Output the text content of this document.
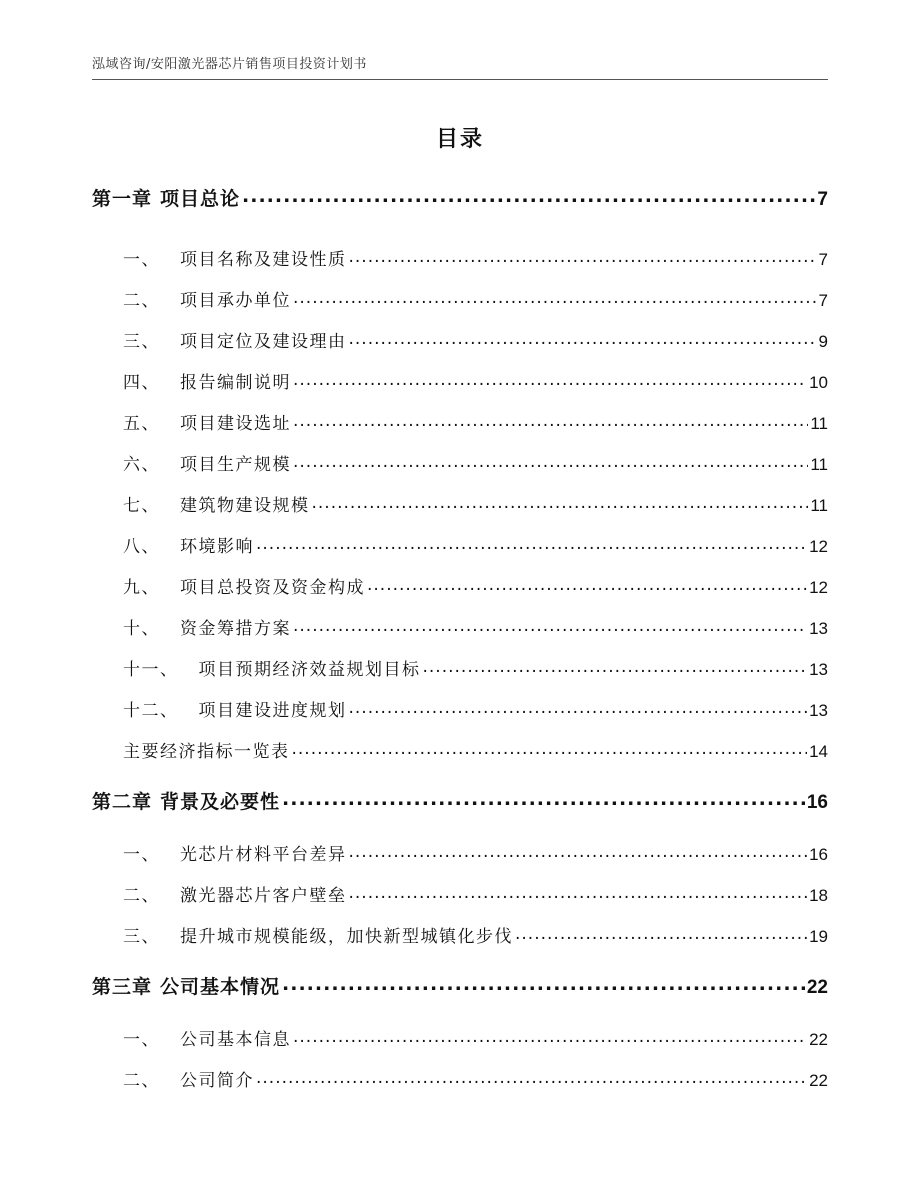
泓域咨询/安阳激光器芯片销售项目投资计划书
目录
第一章 项目总论 .....	7
一、 项目名称及建设性质 .....	7
二、 项目承办单位 .....	7
三、 项目定位及建设理由 .....	9
四、 报告编制说明 .....	10
五、 项目建设选址 .....	11
六、 项目生产规模 .....	11
七、 建筑物建设规模 .....	11
八、 环境影响 .....	12
九、 项目总投资及资金构成 .....	12
十、 资金筹措方案 .....	13
十一、 项目预期经济效益规划目标 .....	13
十二、 项目建设进度规划 .....	13
主要经济指标一览表 .....	14
第二章 背景及必要性 .....	16
一、 光芯片材料平台差异 .....	16
二、 激光器芯片客户壁垒 .....	18
三、 提升城市规模能级，加快新型城镇化步伐 .....	19
第三章 公司基本情况 .....	22
一、 公司基本信息 .....	22
二、 公司简介 .....	22
